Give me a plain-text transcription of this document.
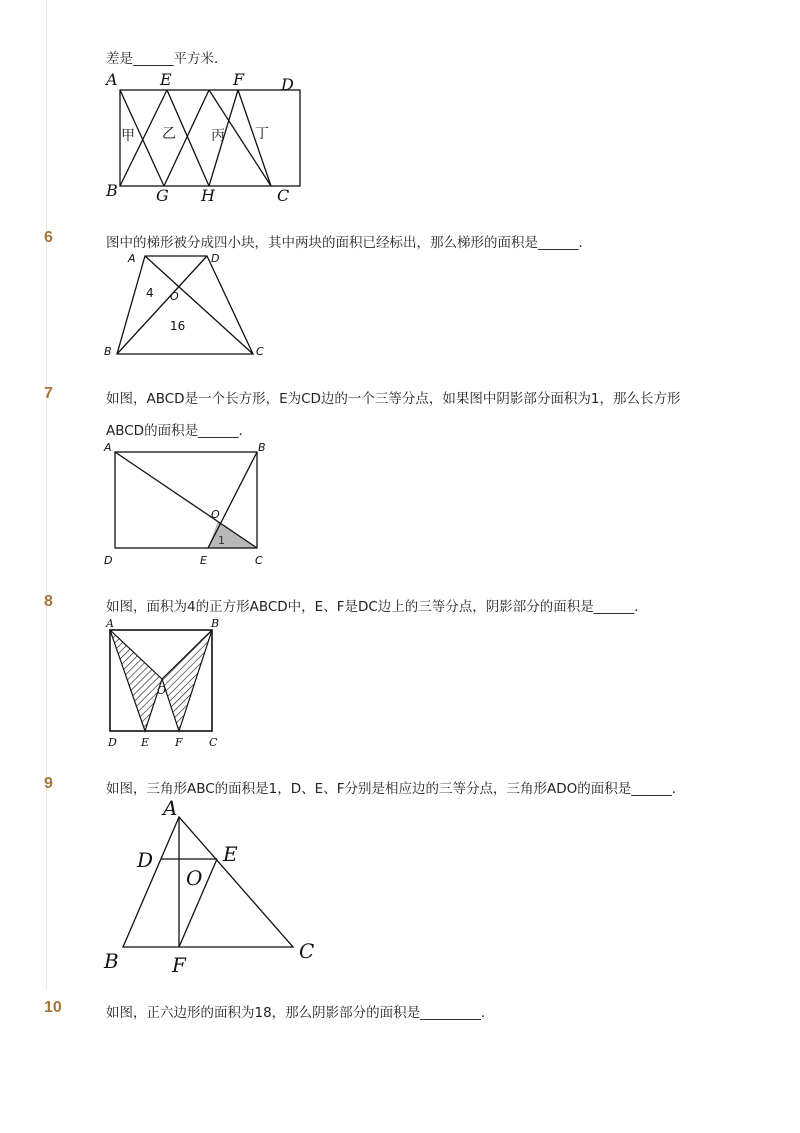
差是______平方米．
A	E	F D
B G H	C
甲 乙	丙 丁
6	图中的梯形被分成四小块，其中两块的面积已经标出，那么梯形的面积是______．
A	D
B	C
O
4
16
7	如图，ABCD是一个长方形，E为CD边的一个三等分点，如果图中阴影部分面积为1，那么长方形
ABCD的面积是______．
A	B
D	E	C
O
1
8	如图，面积为4的正方形ABCD中，E、F是DC边上的三等分点，阴影部分的面积是______．
A	B
D E F C
O
9	如图，三角形ABC的面积是1，D、E、F分别是相应边的三等分点，三角形ADO的面积是______．
A
D	E
O
B	F
C
10	如图，正六边形的面积为18，那么阴影部分的面积是_________．
